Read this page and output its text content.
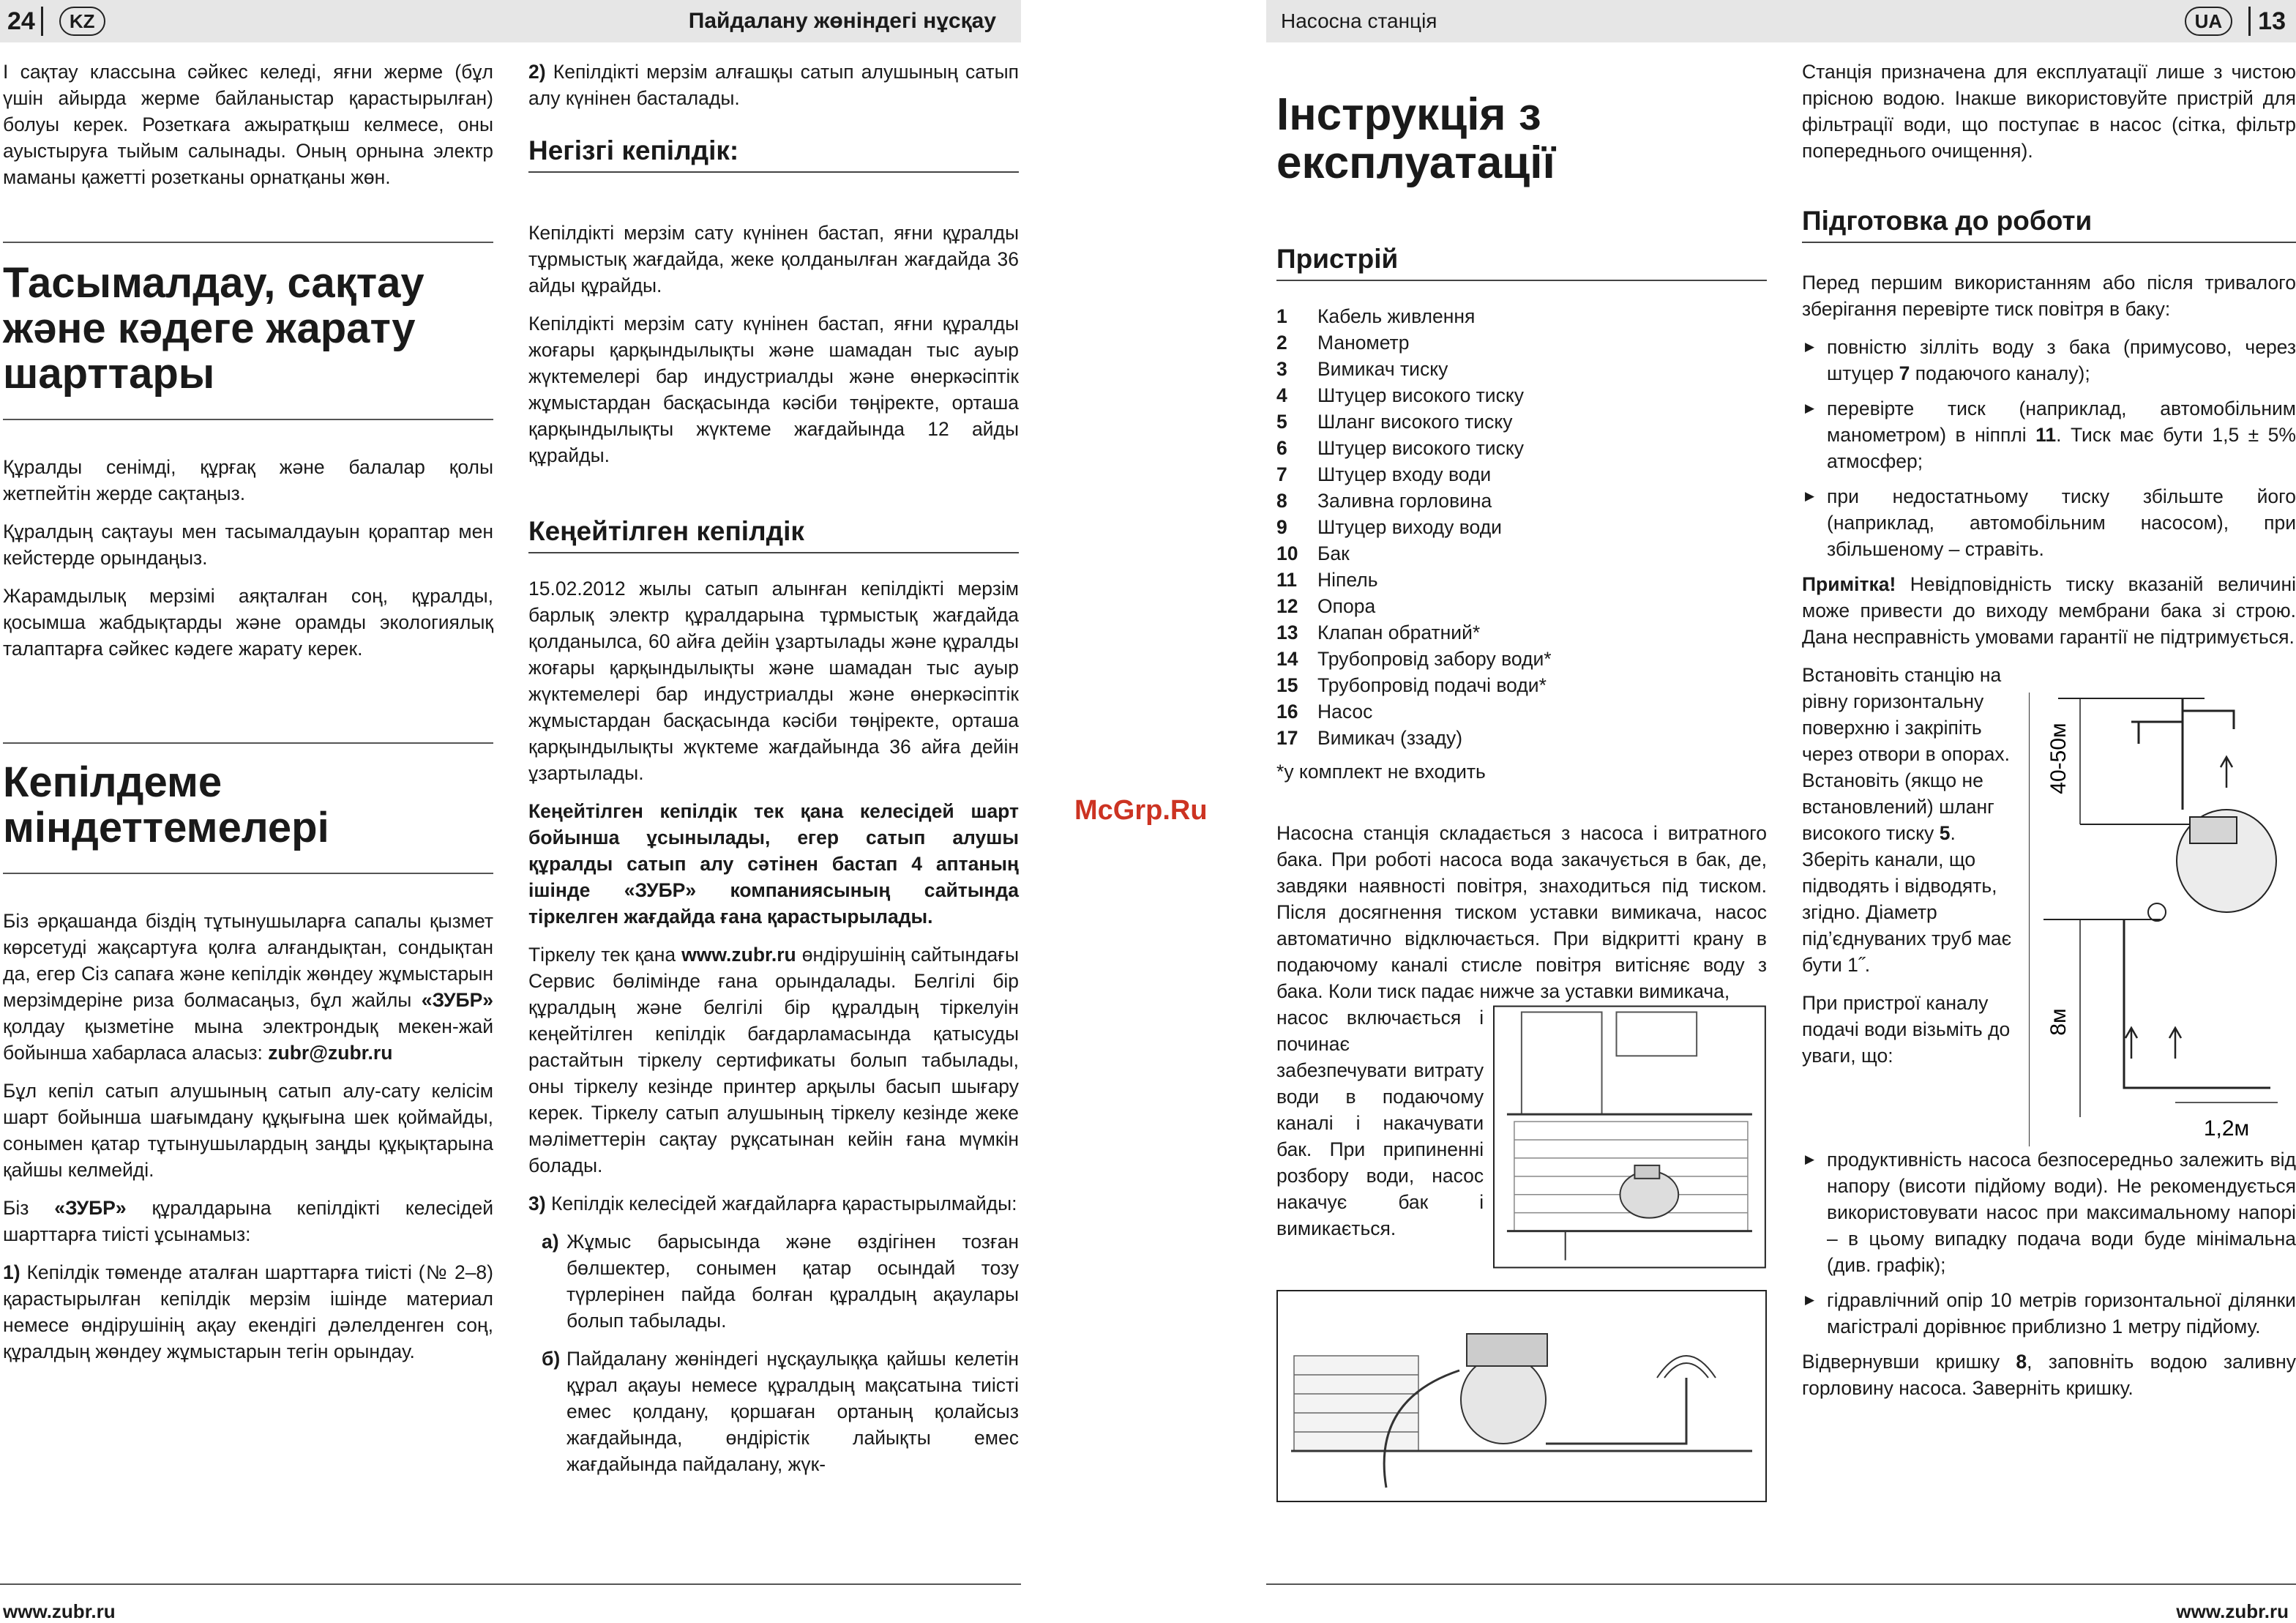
24	KZ	Пайдалану жөніндегі нұсқау

І сақтау классына сәйкес келеді, яғни жерме (бұл үшін айырда жерме байланыстар қарастырылған) болуы керек. Розеткаға ажыратқыш келмесе, оны ауыстыруға тыйым салынады. Оның орнына электр маманы қажетті розетканы орнатқаны жөн.

Тасымалдау, сақтау және кәдеге жарату шарттары

Құралды сенімді, құрғақ және балалар қолы жетпейтін жерде сақтаңыз.

Құралдың сақтауы мен тасымалдауын қораптар мен кейстерде орындаңыз.

Жарамдылық мерзімі аяқталған соң, құралды, қосымша жабдықтарды және орамды экологиялық талаптарға сәйкес кәдеге жарату керек.

Кепілдеме міндеттемелері

Біз әрқашанда біздің тұтынушыларға сапалы қызмет көрсетуді жақсартуға қолға алғандықтан, сондықтан да, егер Сіз сапаға және кепілдік жөндеу жұмыстарын мерзімдеріне риза болмасаңыз, бұл жайлы «ЗУБР» қолдау қызметіне мына электрондық мекен-жай бойынша хабарласа аласыз: zubr@zubr.ru

Бұл кепіл сатып алушының сатып алу-сату келісім шарт бойынша шағымдану құқығына шек қоймайды, сонымен қатар тұтынушылардың заңды құқықтарына қайшы келмейді.

Біз «ЗУБР» құралдарына кепілдікті келесідей шарттарға тиісті ұсынамыз:

1) Кепілдік төменде аталған шарттарға тиісті (№ 2–8) қарастырылған кепілдік мерзім ішінде материал немесе өндірушінің ақау екендігі дәлелденген соң, құралдың жөндеу жұмыстарын тегін орындау.

2) Кепілдікті мерзім алғашқы сатып алушының сатып алу күнінен басталады.

Негізгі кепілдік:

Кепілдікті мерзім сату күнінен бастап, яғни құралды тұрмыстық жағдайда, жеке қолданылған жағдайда 36 айды құрайды.

Кепілдікті мерзім сату күнінен бастап, яғни құралды жоғары қарқындылықты және шамадан тыс ауыр жүктемелері бар индустриалды және өнеркәсіптік жұмыстардан басқасында кәсіби төңіректе, орташа қарқындылықты жүктеме жағдайында 12 айды құрайды.

Кеңейтілген кепілдік

15.02.2012 жылы сатып алынған кепілдікті мерзім барлық электр құралдарына тұрмыстық жағдайда қолданылса, 60 айға дейін ұзартылады және құралды жоғары қарқындылықты және шамадан тыс ауыр жүктемелері бар индустриалды және өнеркәсіптік жұмыстардан басқасында кәсіби төңіректе, орташа қарқындылықты жүктеме жағдайында 36 айға дейін ұзартылады.

Кеңейтілген кепілдік тек қана келесідей шарт бойынша ұсынылады, егер сатып алушы құралды сатып алу сәтінен бастап 4 аптаның ішінде «ЗУБР» компаниясының сайтында тіркелген жағдайда ғана қарастырылады.

Тіркелу тек қана www.zubr.ru өндірушінің сайтындағы Сервис бөлімінде ғана орындалады. Белгілі бір құралдың және белгілі бір құралдың тіркелуін кеңейтілген кепілдік бағдарламасында қатысуды растайтын тіркелу сертификаты болып табылады, оны тіркелу кезінде принтер арқылы басып шығару керек. Тіркелу сатып алушының тіркелу кезінде жеке мәліметтерін сақтау рұқсатынан кейін ғана мүмкін болады.

3) Кепілдік келесідей жағдайларға қарастырылмайды:

а) Жұмыс барысында және өздігінен тозған бөлшектер, сонымен қатар осындай тозу түрлерінен пайда болған құралдың ақаулары болып табылады.
б) Пайдалану жөніндегі нұсқаулыққа қайшы келетін құрал ақауы немесе құралдың мақсатына тиісті емес қолдану, қоршаған ортаның қолайсыз жағдайында, өндірістік лайықты емес жағдайында пайдалану, жүк-
www.zubr.ru
McGrp.Ru
Насосна станція	UA	13
Інструкція з експлуатації
Пристрій
1	Кабель живлення
2	Манометр
3	Вимикач тиску
4	Штуцер високого тиску
5	Шланг високого тиску
6	Штуцер високого тиску
7	Штуцер входу води
8	Заливна горловина
9	Штуцер виходу води
10	Бак
11	Ніпель
12	Опора
13	Клапан обратний*
14	Трубопровід забору води*
15	Трубопровід подачі води*
16	Насос
17	Вимикач (ззаду)

*у комплект не входить

Насосна станція складається з насоса і витратного бака. При роботі насоса вода закачується в бак, де, завдяки наявності повітря, знаходиться під тиском. Після досягнення тиском уставки вимикача, насос автоматично відключається. При відкритті крану в подаючому каналі стисле повітря витісняє воду з бака. Коли тиск падає нижче за уставки вимикача,

насос включається і починає забезпечувати витрату води в подаючому каналі і накачувати бак. При припиненні розбору води, насос накачує бак і вимикається.

Станція призначена для експлуатації лише з чистою прісною водою. Інакше використовуйте пристрій для фільтрації води, що поступає в насос (сітка, фільтр попереднього очищення).

Підготовка до роботи

Перед першим використанням або після тривалого зберігання перевірте тиск повітря в баку:

▶ повністю зілліть воду з бака (примусово, через штуцер 7 подаючого каналу);
▶ перевірте тиск (наприклад, автомобільним манометром) в ніпплі 11. Тиск має бути 1,5 ± 5% атмосфер;
▶ при недостатньому тиску збільште його (наприклад, автомобільним насосом), при збільшеному – стравіть.

Примітка! Невідповідність тиску вказаній величині може привести до виходу мембрани бака зі строю. Дана несправність умовами гарантії не підтримується.

Встановіть станцію на рівну горизонтальну поверхню і закріпіть через отвори в опорах. Встановіть (якщо не встановлений) шланг високого тиску 5. Зберіть канали, що підводять і відводять, згідно. Діаметр під’єднуваних труб має бути 1˝.

При пристрої каналу подачі води візьміть до уваги, що:

40-50м
8м
1,2м
▶ продуктивність насоса безпосередньо залежить від напору (висоти підйому води). Не рекомендується використовувати насос при максимальному напорі – в цьому випадку подача води буде мінімальна (див. графік);
▶ гідравлічний опір 10 метрів горизонтальної ділянки магістралі дорівнює приблизно 1 метру підйому.

Відвернувши кришку 8, заповніть водою заливну горловину насоса. Заверніть кришку.

www.zubr.ru
